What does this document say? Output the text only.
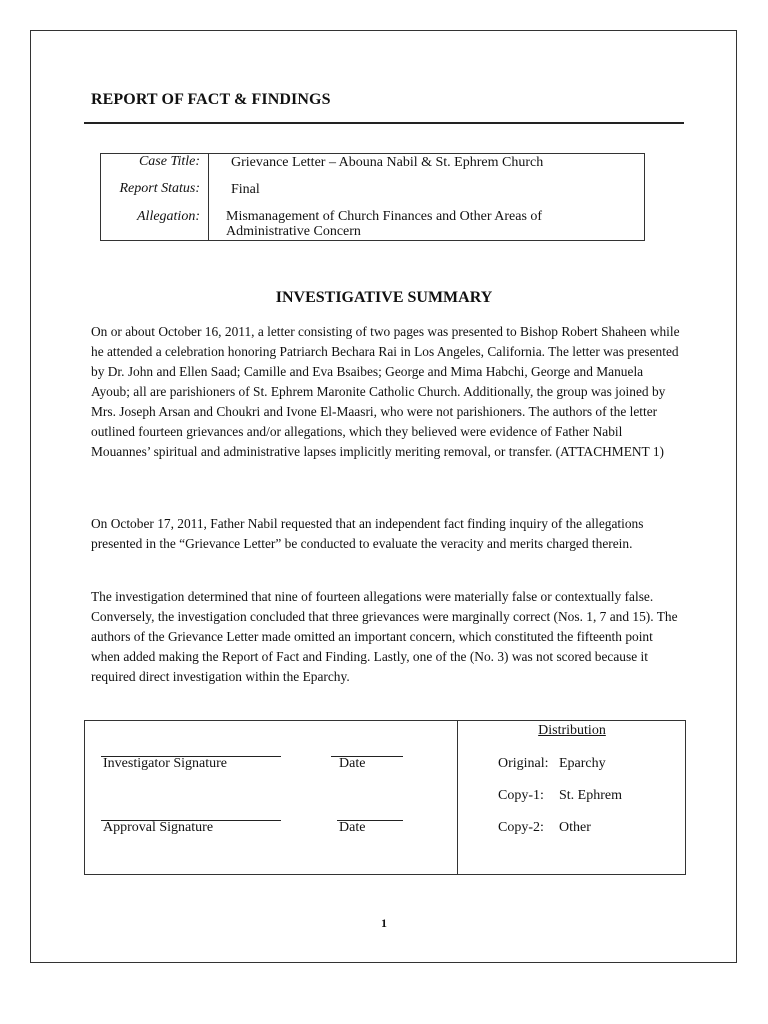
REPORT OF FACT & FINDINGS
Case Title: Grievance Letter – Abouna Nabil & St. Ephrem Church
Report Status: Final
Allegation: Mismanagement of Church Finances and Other Areas of
Administrative Concern
INVESTIGATIVE SUMMARY

On or about October 16, 2011, a letter consisting of two pages was presented to Bishop Robert Shaheen while he attended a celebration honoring Patriarch Bechara Rai in Los Angeles, California. The letter was presented by Dr. John and Ellen Saad; Camille and Eva Bsaibes; George and Mima Habchi, George and Manuela Ayoub; all are parishioners of St. Ephrem Maronite Catholic Church. Additionally, the group was joined by Mrs. Joseph Arsan and Choukri and Ivone El-Maasri, who were not parishioners. The authors of the letter outlined fourteen grievances and/or allegations, which they believed were evidence of Father Nabil Mouannes’ spiritual and administrative lapses implicitly meriting removal, or transfer. (ATTACHMENT 1)

On October 17, 2011, Father Nabil requested that an independent fact finding inquiry of the allegations presented in the “Grievance Letter” be conducted to evaluate the veracity and merits charged therein.

The investigation determined that nine of fourteen allegations were materially false or contextually false. Conversely, the investigation concluded that three grievances were marginally correct (Nos. 1, 7 and 15). The authors of the Grievance Letter made omitted an important concern, which constituted the fifteenth point when added making the Report of Fact and Finding. Lastly, one of the (No. 3) was not scored because it required direct investigation within the Eparchy.

Investigator Signature	Date
Approval Signature	Date
Distribution
Original: Eparchy
Copy-1: St. Ephrem
Copy-2: Other
1
